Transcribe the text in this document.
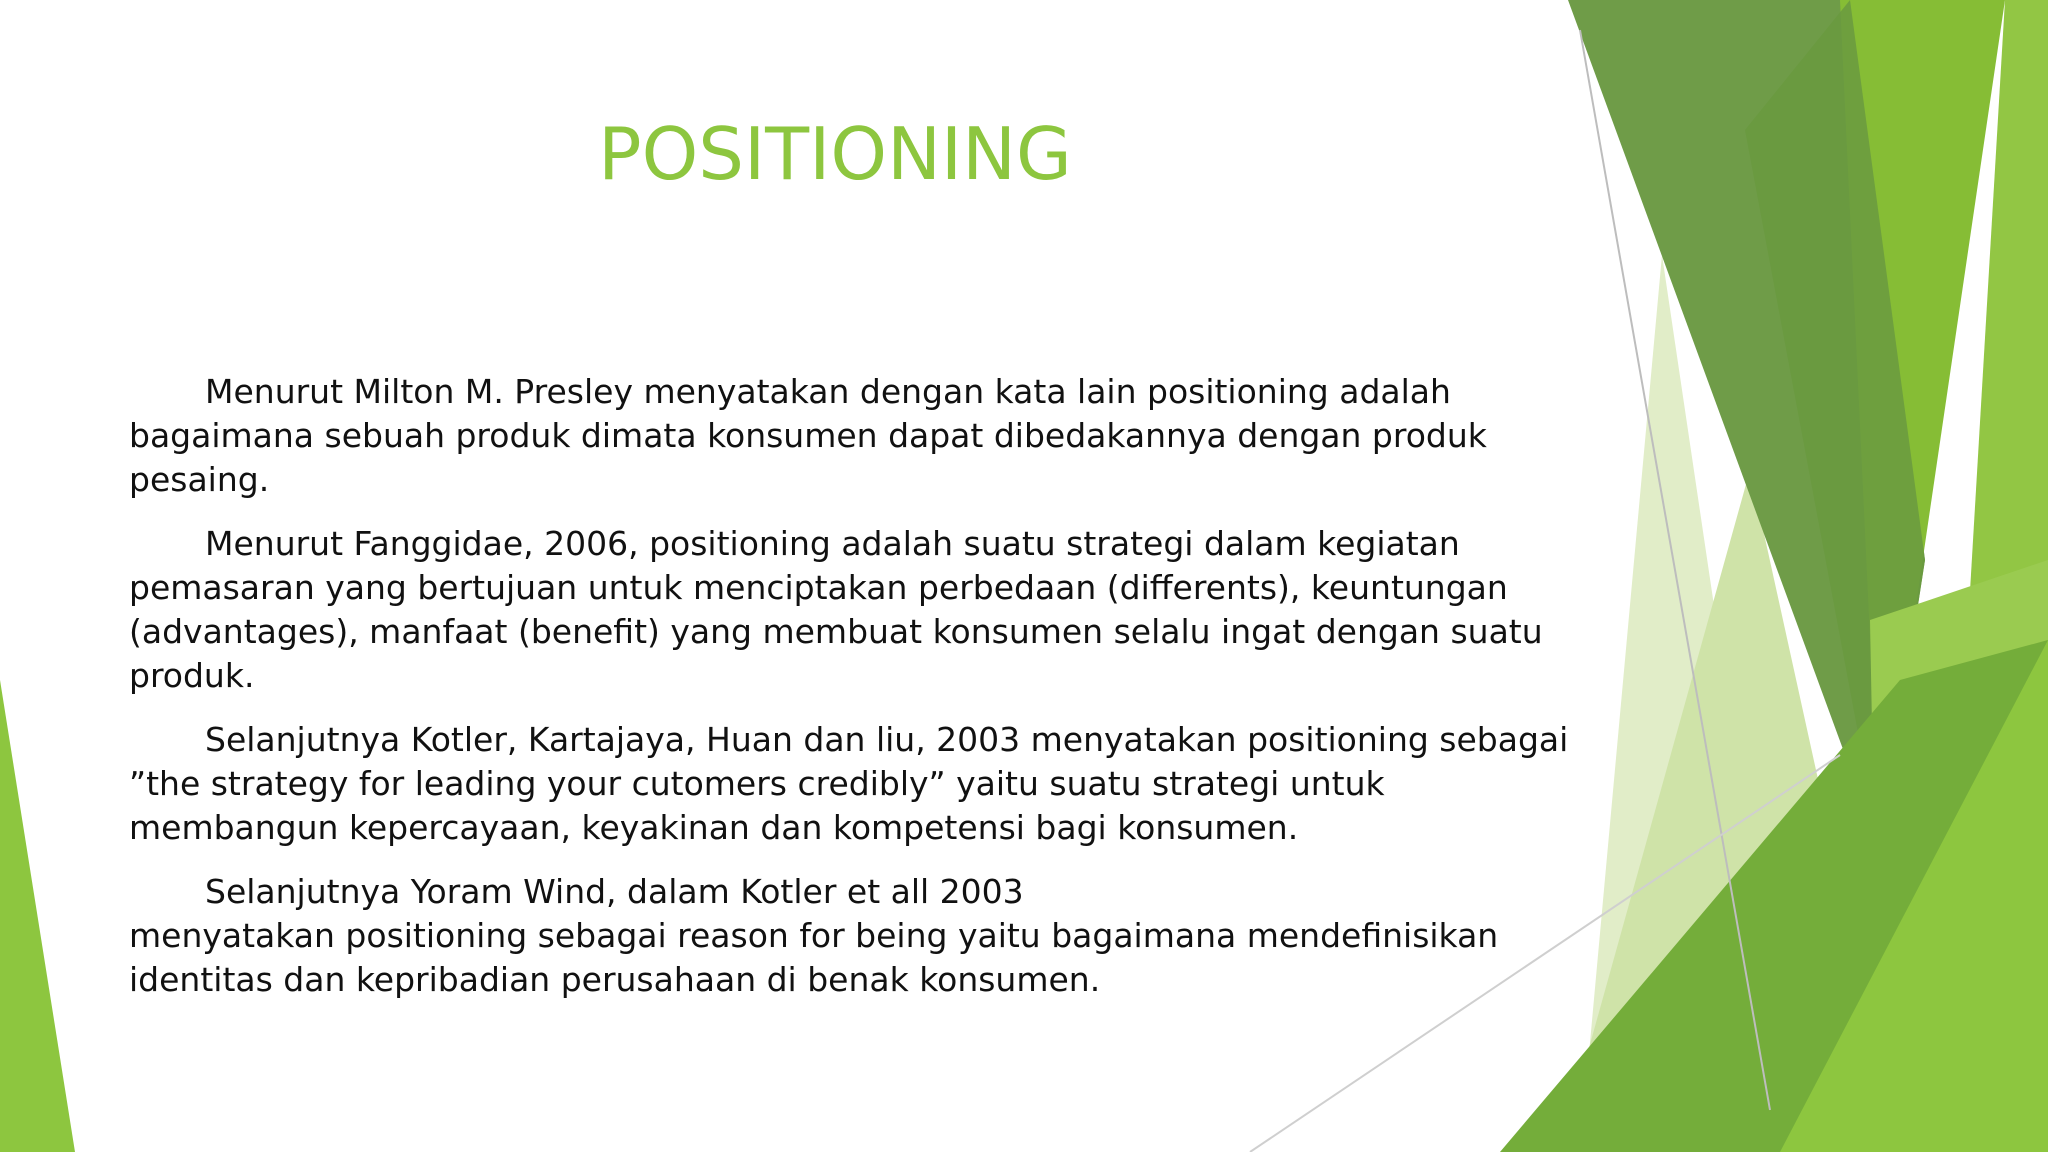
POSITIONING

Menurut Milton M. Presley menyatakan dengan kata lain positioning adalah
bagaimana sebuah produk dimata konsumen dapat dibedakannya dengan produk
pesaing.

Menurut Fanggidae, 2006, positioning adalah suatu strategi dalam kegiatan
pemasaran yang bertujuan untuk menciptakan perbedaan (differents), keuntungan
(advantages), manfaat (benefit) yang membuat konsumen selalu ingat dengan suatu
produk.

Selanjutnya Kotler, Kartajaya, Huan dan liu, 2003 menyatakan positioning sebagai
”the strategy for leading your cutomers credibly” yaitu suatu strategi untuk
membangun kepercayaan, keyakinan dan kompetensi bagi konsumen.

Selanjutnya Yoram Wind, dalam Kotler et all 2003
menyatakan positioning sebagai reason for being yaitu bagaimana mendefinisikan
identitas dan kepribadian perusahaan di benak konsumen.
